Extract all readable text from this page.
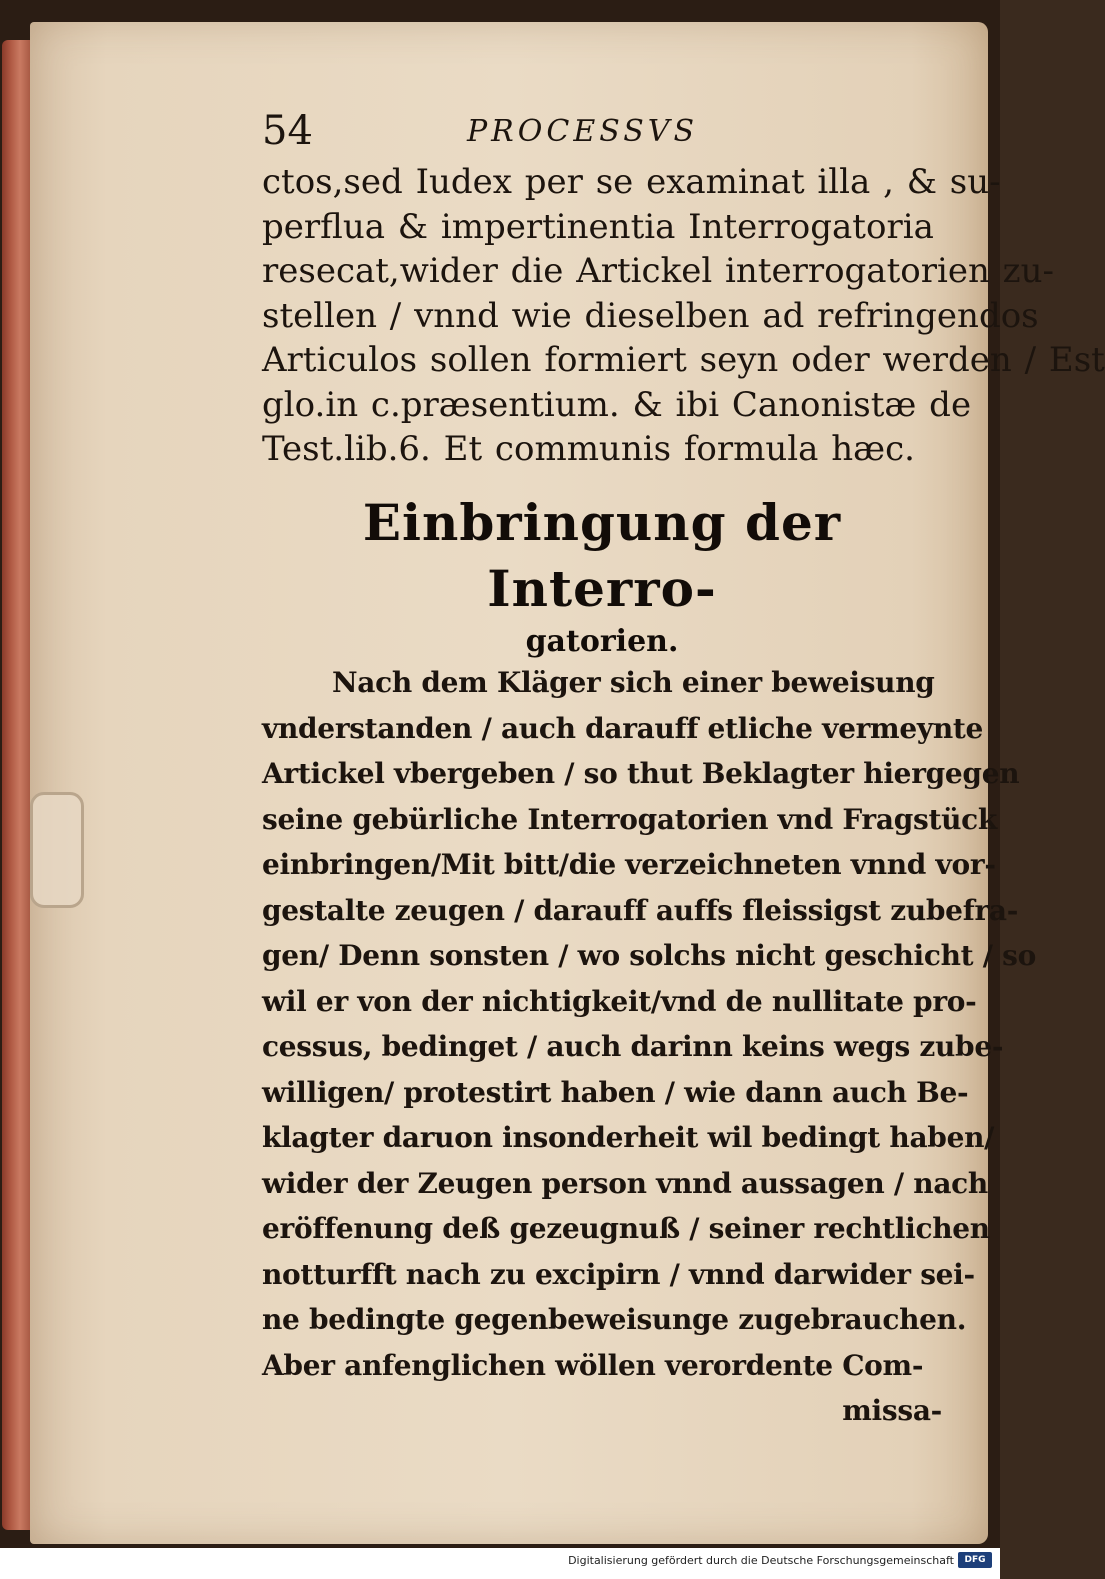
54	PROCESSVS
ctos,sed Iudex per se examinat illa , & su-
perflua & impertinentia Interrogatoria
resecat,wider die Artickel interrogatorien zu-
stellen / vnnd wie dieselben ad refringendos
Articulos sollen formiert seyn oder werden / Est
glo.in c.præsentium. & ibi Canonistæ de
Test.lib.6. Et communis formula hæc.
Einbringung der Interro-
gatorien.
Nach dem Kläger sich einer beweisung
vnderstanden / auch darauff etliche vermeynte
Artickel vbergeben / so thut Beklagter hiergegen
seine gebürliche Interrogatorien vnd Fragstück
einbringen/Mit bitt/die verzeichneten vnnd vor-
gestalte zeugen / darauff auffs fleissigst zubefra-
gen/ Denn sonsten / wo solchs nicht geschicht / so
wil er von der nichtigkeit/vnd de nullitate pro-
cessus, bedinget / auch darinn keins wegs zube-
willigen/ protestirt haben / wie dann auch Be-
klagter daruon insonderheit wil bedingt haben/
wider der Zeugen person vnnd aussagen / nach
eröffenung deß gezeugnuß / seiner rechtlichen
notturfft nach zu excipirn / vnnd darwider sei-
ne bedingte gegenbeweisunge zugebrauchen.
Aber anfenglichen wöllen verordente Com-
missa-
Digitalisierung gefördert durch die Deutsche Forschungsgemeinschaft	DFG
